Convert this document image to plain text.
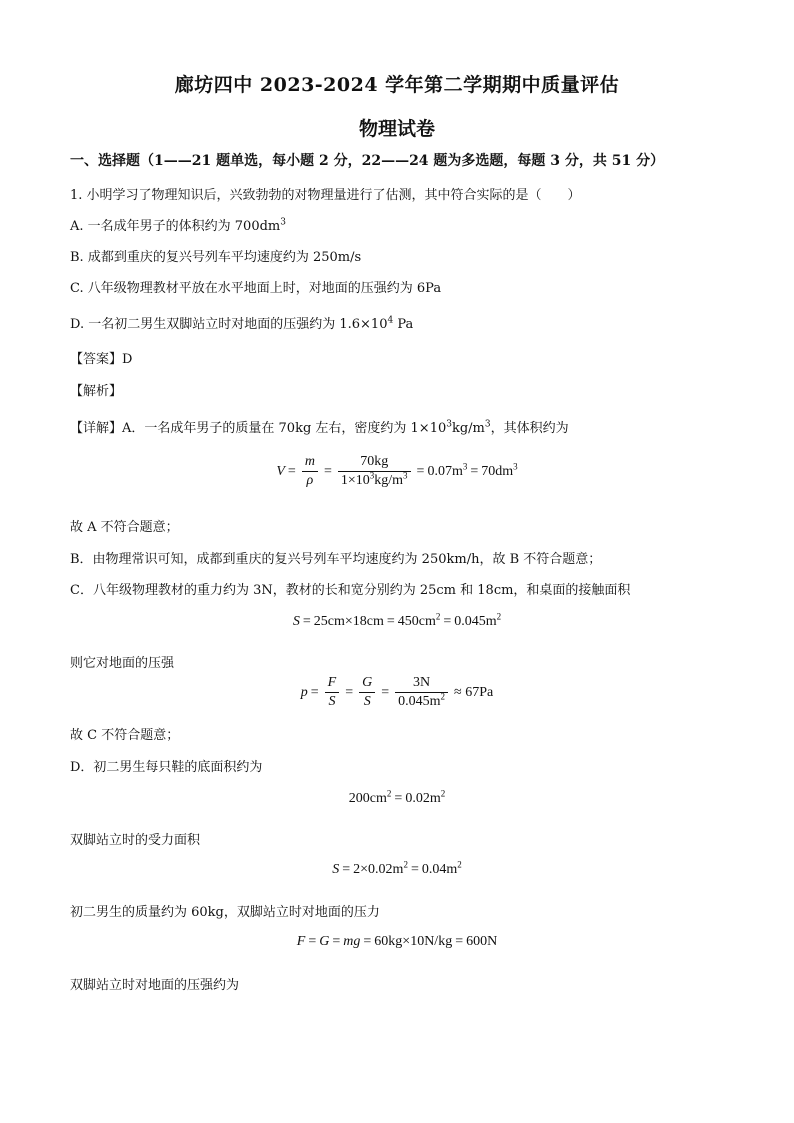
廊坊四中 2023-2024 学年第二学期期中质量评估
物理试卷
一、选择题（1——21 题单选，每小题 2 分，22——24 题为多选题，每题 3 分，共 51 分）
1. 小明学习了物理知识后，兴致勃勃的对物理量进行了估测，其中符合实际的是（　　）
A. 一名成年男子的体积约为 $700dm^3$
B. 成都到重庆的复兴号列车平均速度约为 250m/s
C. 八年级物理教材平放在水平地面上时，对地面的压强约为 6Pa
D. 一名初二男生双脚站立时对地面的压强约为 $1.6\times 10^4$ Pa
【答案】D
【解析】
【详解】A．一名成年男子的质量在 70kg 左右，密度约为 $1\times 10^3kg/m^3$，其体积约为
$V = \frac{m}{\rho} = \frac{70kg}{1\times 10^3kg/m^3} = 0.07m^3 = 70dm^3$
故 A 不符合题意；
B．由物理常识可知，成都到重庆的复兴号列车平均速度约为 250km/h，故 B 不符合题意；
C．八年级物理教材的重力约为 3N，教材的长和宽分别约为 25cm 和 18cm，和桌面的接触面积
$S = 25cm\times 18cm = 450cm^2 = 0.045m^2$
则它对地面的压强
$p = \frac{F}{S} = \frac{G}{S} = \frac{3N}{0.045m^2} \approx 67Pa$
故 C 不符合题意；
D．初二男生每只鞋的底面积约为
$200cm^2 = 0.02m^2$
双脚站立时的受力面积
$S = 2\times 0.02m^2 = 0.04m^2$
初二男生的质量约为 60kg，双脚站立时对地面的压力
F = G = mg = 60kg×10N/kg = 600N
双脚站立时对地面的压强约为
